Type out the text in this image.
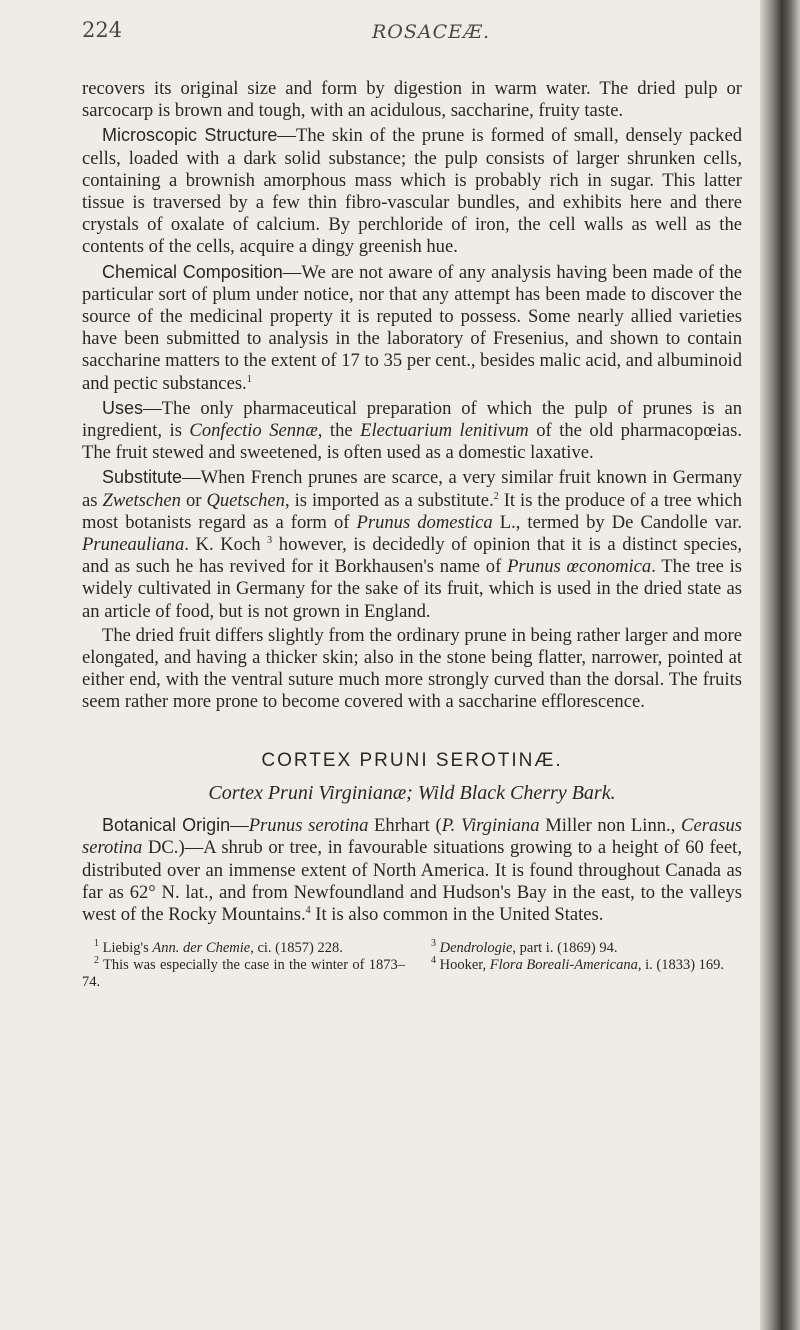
224	ROSACEÆ.

recovers its original size and form by digestion in warm water. The dried pulp or sarcocarp is brown and tough, with an acidulous, saccharine, fruity taste.

Microscopic Structure—The skin of the prune is formed of small, densely packed cells, loaded with a dark solid substance; the pulp consists of larger shrunken cells, containing a brownish amorphous mass which is probably rich in sugar. This latter tissue is traversed by a few thin fibro-vascular bundles, and exhibits here and there crystals of oxalate of calcium. By perchloride of iron, the cell walls as well as the contents of the cells, acquire a dingy greenish hue.

Chemical Composition—We are not aware of any analysis having been made of the particular sort of plum under notice, nor that any attempt has been made to discover the source of the medicinal property it is reputed to possess. Some nearly allied varieties have been submitted to analysis in the laboratory of Fresenius, and shown to contain saccharine matters to the extent of 17 to 35 per cent., besides malic acid, and albuminoid and pectic substances.$^1$

Uses—The only pharmaceutical preparation of which the pulp of prunes is an ingredient, is Confectio Sennæ, the Electuarium lenitivum of the old pharmacopœias. The fruit stewed and sweetened, is often used as a domestic laxative.

Substitute—When French prunes are scarce, a very similar fruit known in Germany as Zwetschen or Quetschen, is imported as a substitute.$^2$ It is the produce of a tree which most botanists regard as a form of Prunus domestica L., termed by De Candolle var. Pruneauliana. K. Koch $^3$ however, is decidedly of opinion that it is a distinct species, and as such he has revived for it Borkhausen's name of Prunus œconomica. The tree is widely cultivated in Germany for the sake of its fruit, which is used in the dried state as an article of food, but is not grown in England.

The dried fruit differs slightly from the ordinary prune in being rather larger and more elongated, and having a thicker skin; also in the stone being flatter, narrower, pointed at either end, with the ventral suture much more strongly curved than the dorsal. The fruits seem rather more prone to become covered with a saccharine efflorescence.

CORTEX PRUNI SEROTINÆ.
Cortex Pruni Virginianæ; Wild Black Cherry Bark.

Botanical Origin—Prunus serotina Ehrhart (P. Virginiana Miller non Linn., Cerasus serotina DC.)—A shrub or tree, in favourable situations growing to a height of 60 feet, distributed over an immense extent of North America. It is found throughout Canada as far as 62° N. lat., and from Newfoundland and Hudson's Bay in the east, to the valleys west of the Rocky Mountains.$^4$ It is also common in the United States.

$^1$ Liebig's Ann. der Chemie, ci. (1857) 228.

$^2$ This was especially the case in the winter of 1873–74.

$^3$ Dendrologie, part i. (1869) 94.

$^4$ Hooker, Flora Boreali-Americana, i. (1833) 169.
